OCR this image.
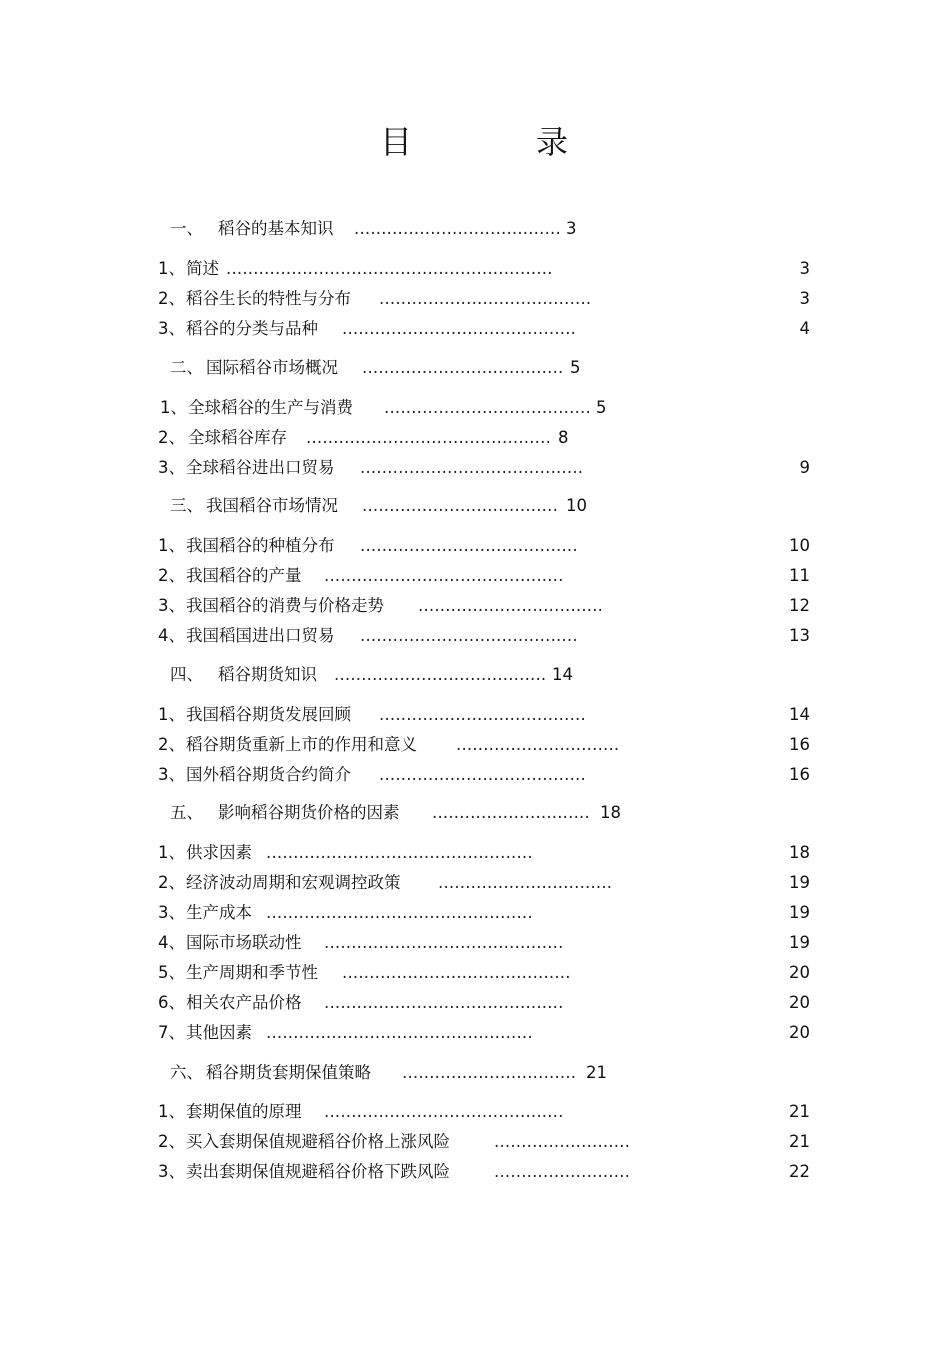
目	录
一、 稻谷的基本知识 ...................................... 3
1、 简述 ............................................................	3
2、 稻谷生长的特性与分布 .......................................	3
3、 稻谷的分类与品种 ...........................................	4
二、 国际稻谷市场概况 ..................................... 5
1、 全球稻谷的生产与消费 ...................................... 5
2、 全球稻谷库存 ............................................. 8
3、 全球稻谷进出口贸易 .........................................	9
三、 我国稻谷市场情况 .................................... 10
1、 我国稻谷的种植分布 ........................................	10
2、 我国稻谷的产量 ............................................	11
3、 我国稻谷的消费与价格走势 ..................................	12
4、 我国稻国进出口贸易 ........................................	13
四、 稻谷期货知识 ....................................... 14
1、 我国稻谷期货发展回顾 ......................................	14
2、 稻谷期货重新上市的作用和意义 ..............................	16
3、 国外稻谷期货合约简介 ......................................	16
五、 影响稻谷期货价格的因素 ............................. 18
1、 供求因素 .................................................	18
2、 经济波动周期和宏观调控政策 ................................	19
3、 生产成本 .................................................	19
4、 国际市场联动性 ............................................	19
5、 生产周期和季节性 ..........................................	20
6、 相关农产品价格 ............................................	20
7、 其他因素 .................................................	20
六、 稻谷期货套期保值策略 ................................ 21
1、 套期保值的原理 ............................................	21
2、 买入套期保值规避稻谷价格上涨风险	.........................	21
3、 卖出套期保值规避稻谷价格下跌风险	.........................	22
